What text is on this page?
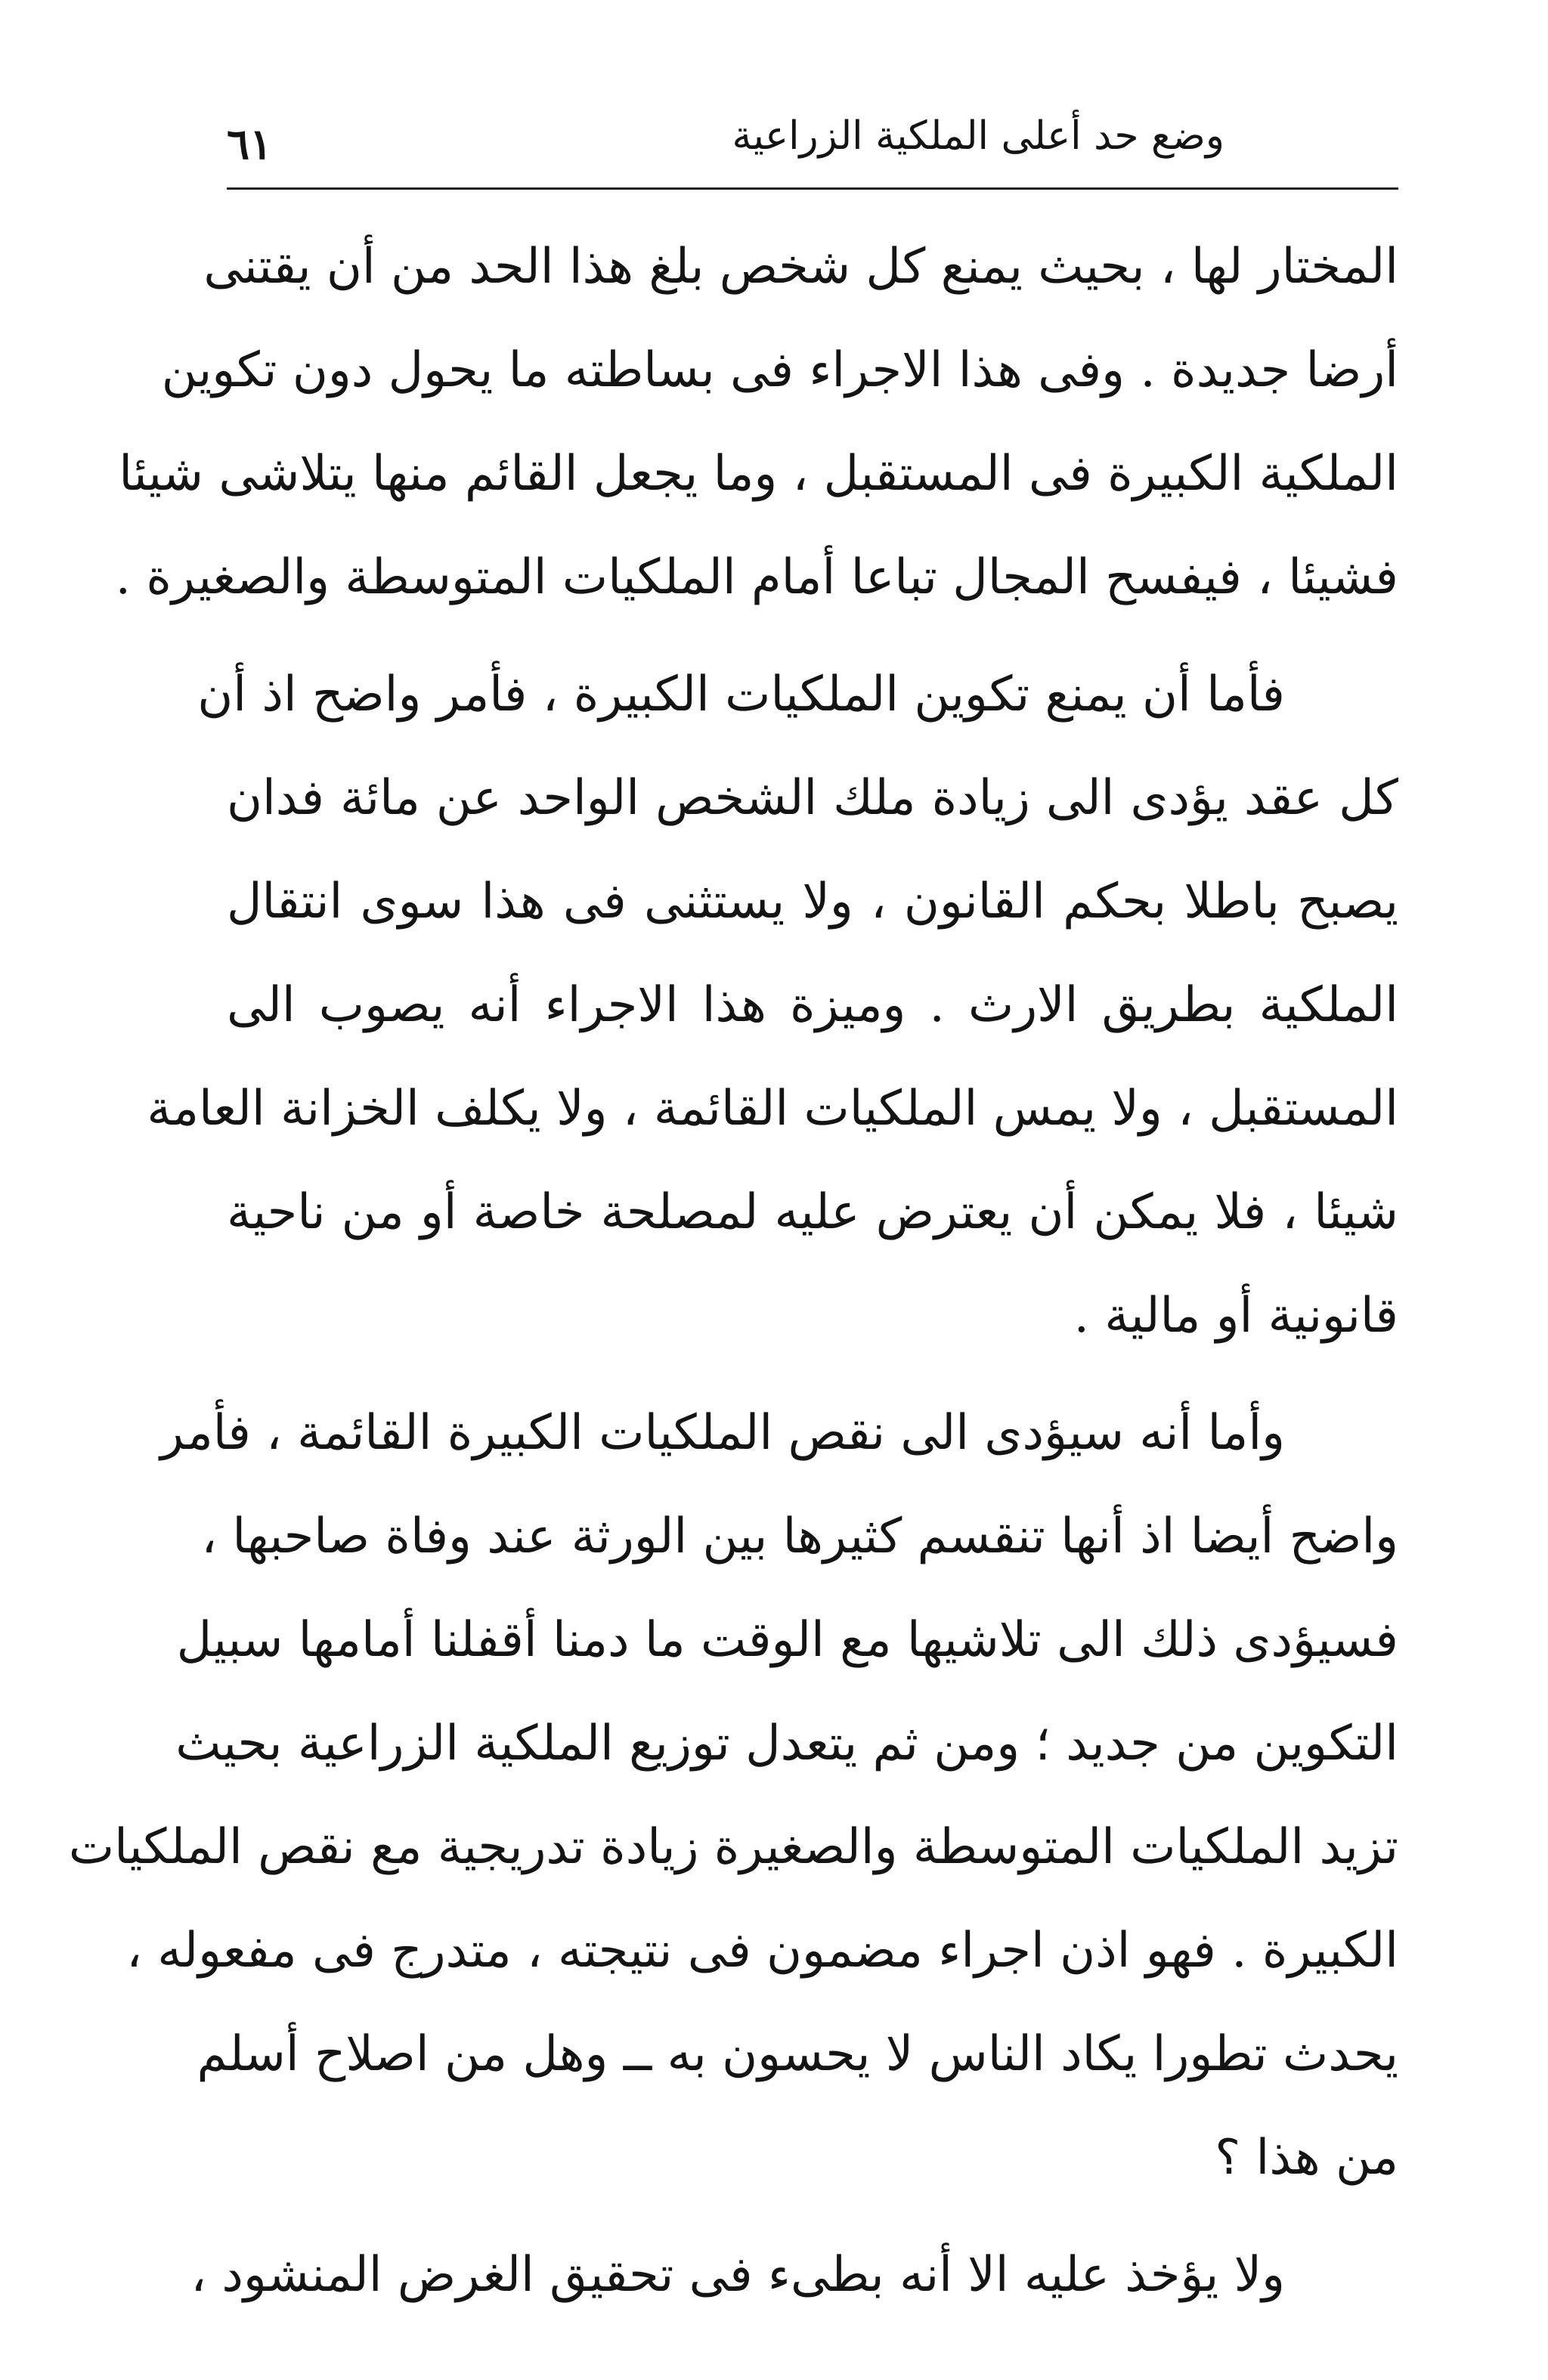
٦١	وضع حد أعلى الملكية الزراعية
المختار لها ، بحيث يمنع كل شخص بلغ هذا الحد من أن يقتنى
أرضا جديدة . وفى هذا الاجراء فى بساطته ما يحول دون تكوين
الملكية الكبيرة فى المستقبل ، وما يجعل القائم منها يتلاشى شيئا
فشيئا ، فيفسح المجال تباعا أمام الملكيات المتوسطة والصغيرة .
فأما أن يمنع تكوين الملكيات الكبيرة ، فأمر واضح اذ أن
كل عقد يؤدى الى زيادة ملك الشخص الواحد عن مائة فدان
يصبح باطلا بحكم القانون ، ولا يستثنى فى هذا سوى انتقال
الملكية بطريق الارث . وميزة هذا الاجراء أنه يصوب الى
المستقبل ، ولا يمس الملكيات القائمة ، ولا يكلف الخزانة العامة
شيئا ، فلا يمكن أن يعترض عليه لمصلحة خاصة أو من ناحية
قانونية أو مالية .
وأما أنه سيؤدى الى نقص الملكيات الكبيرة القائمة ، فأمر
واضح أيضا اذ أنها تنقسم كثيرها بين الورثة عند وفاة صاحبها ،
فسيؤدى ذلك الى تلاشيها مع الوقت ما دمنا أقفلنا أمامها سبيل
التكوين من جديد ؛ ومن ثم يتعدل توزيع الملكية الزراعية بحيث
تزيد الملكيات المتوسطة والصغيرة زيادة تدريجية مع نقص الملكيات
الكبيرة . فهو اذن اجراء مضمون فى نتيجته ، متدرج فى مفعوله ،
يحدث تطورا يكاد الناس لا يحسون به ــ وهل من اصلاح أسلم
من هذا ؟
ولا يؤخذ عليه الا أنه بطىء فى تحقيق الغرض المنشود ،
